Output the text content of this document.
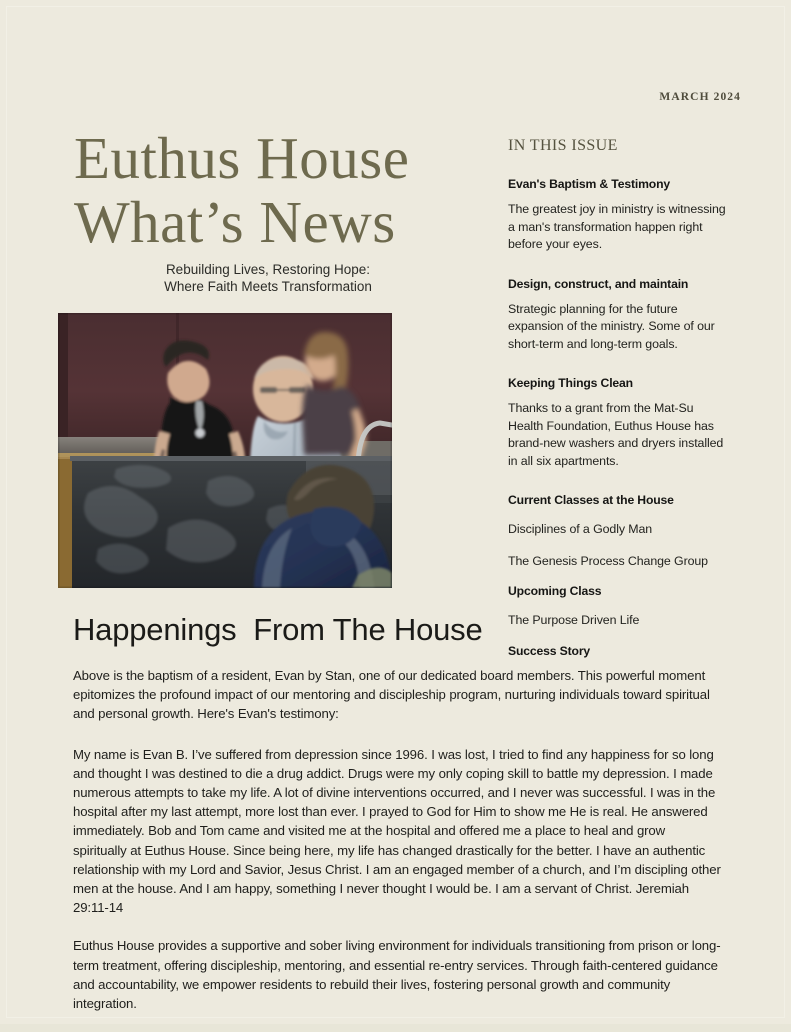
MARCH 2024
Euthus House
What’s News
Rebuilding Lives, Restoring Hope:
Where Faith Meets Transformation
IN THIS ISSUE
Evan's Baptism & Testimony
The greatest joy in ministry is witnessing a man's transformation happen right before your eyes.
Design, construct, and maintain
Strategic planning for the future expansion of the ministry. Some of our short-term and long-term goals.
Keeping Things Clean
Thanks to a grant from the Mat-Su Health Foundation, Euthus House has brand-new washers and dryers installed in all six apartments.
Current Classes at the House
Disciplines of a Godly Man
The Genesis Process Change Group
Upcoming Class
The Purpose Driven Life
Success Story
Happenings  From The House

Above is the baptism of a resident, Evan by Stan, one of our dedicated board members. This powerful moment epitomizes the profound impact of our mentoring and discipleship program, nurturing individuals toward spiritual and personal growth. Here's Evan's testimony:

My name is Evan B. I’ve suffered from depression since 1996. I was lost, I tried to find any happiness for so long and thought I was destined to die a drug addict. Drugs were my only coping skill to battle my depression. I made numerous attempts to take my life. A lot of divine interventions occurred, and I never was successful. I was in the hospital after my last attempt, more lost than ever. I prayed to God for Him to show me He is real. He answered immediately. Bob and Tom came and visited me at the hospital and offered me a place to heal and grow spiritually at Euthus House. Since being here, my life has changed drastically for the better. I have an authentic relationship with my Lord and Savior, Jesus Christ. I am an engaged member of a church, and I’m discipling other men at the house. And I am happy, something I never thought I would be. I am a servant of Christ. Jeremiah 29:11-14

Euthus House provides a supportive and sober living environment for individuals transitioning from prison or long-term treatment, offering discipleship, mentoring, and essential re-entry services. Through faith-centered guidance and accountability, we empower residents to rebuild their lives, fostering personal growth and community integration.
